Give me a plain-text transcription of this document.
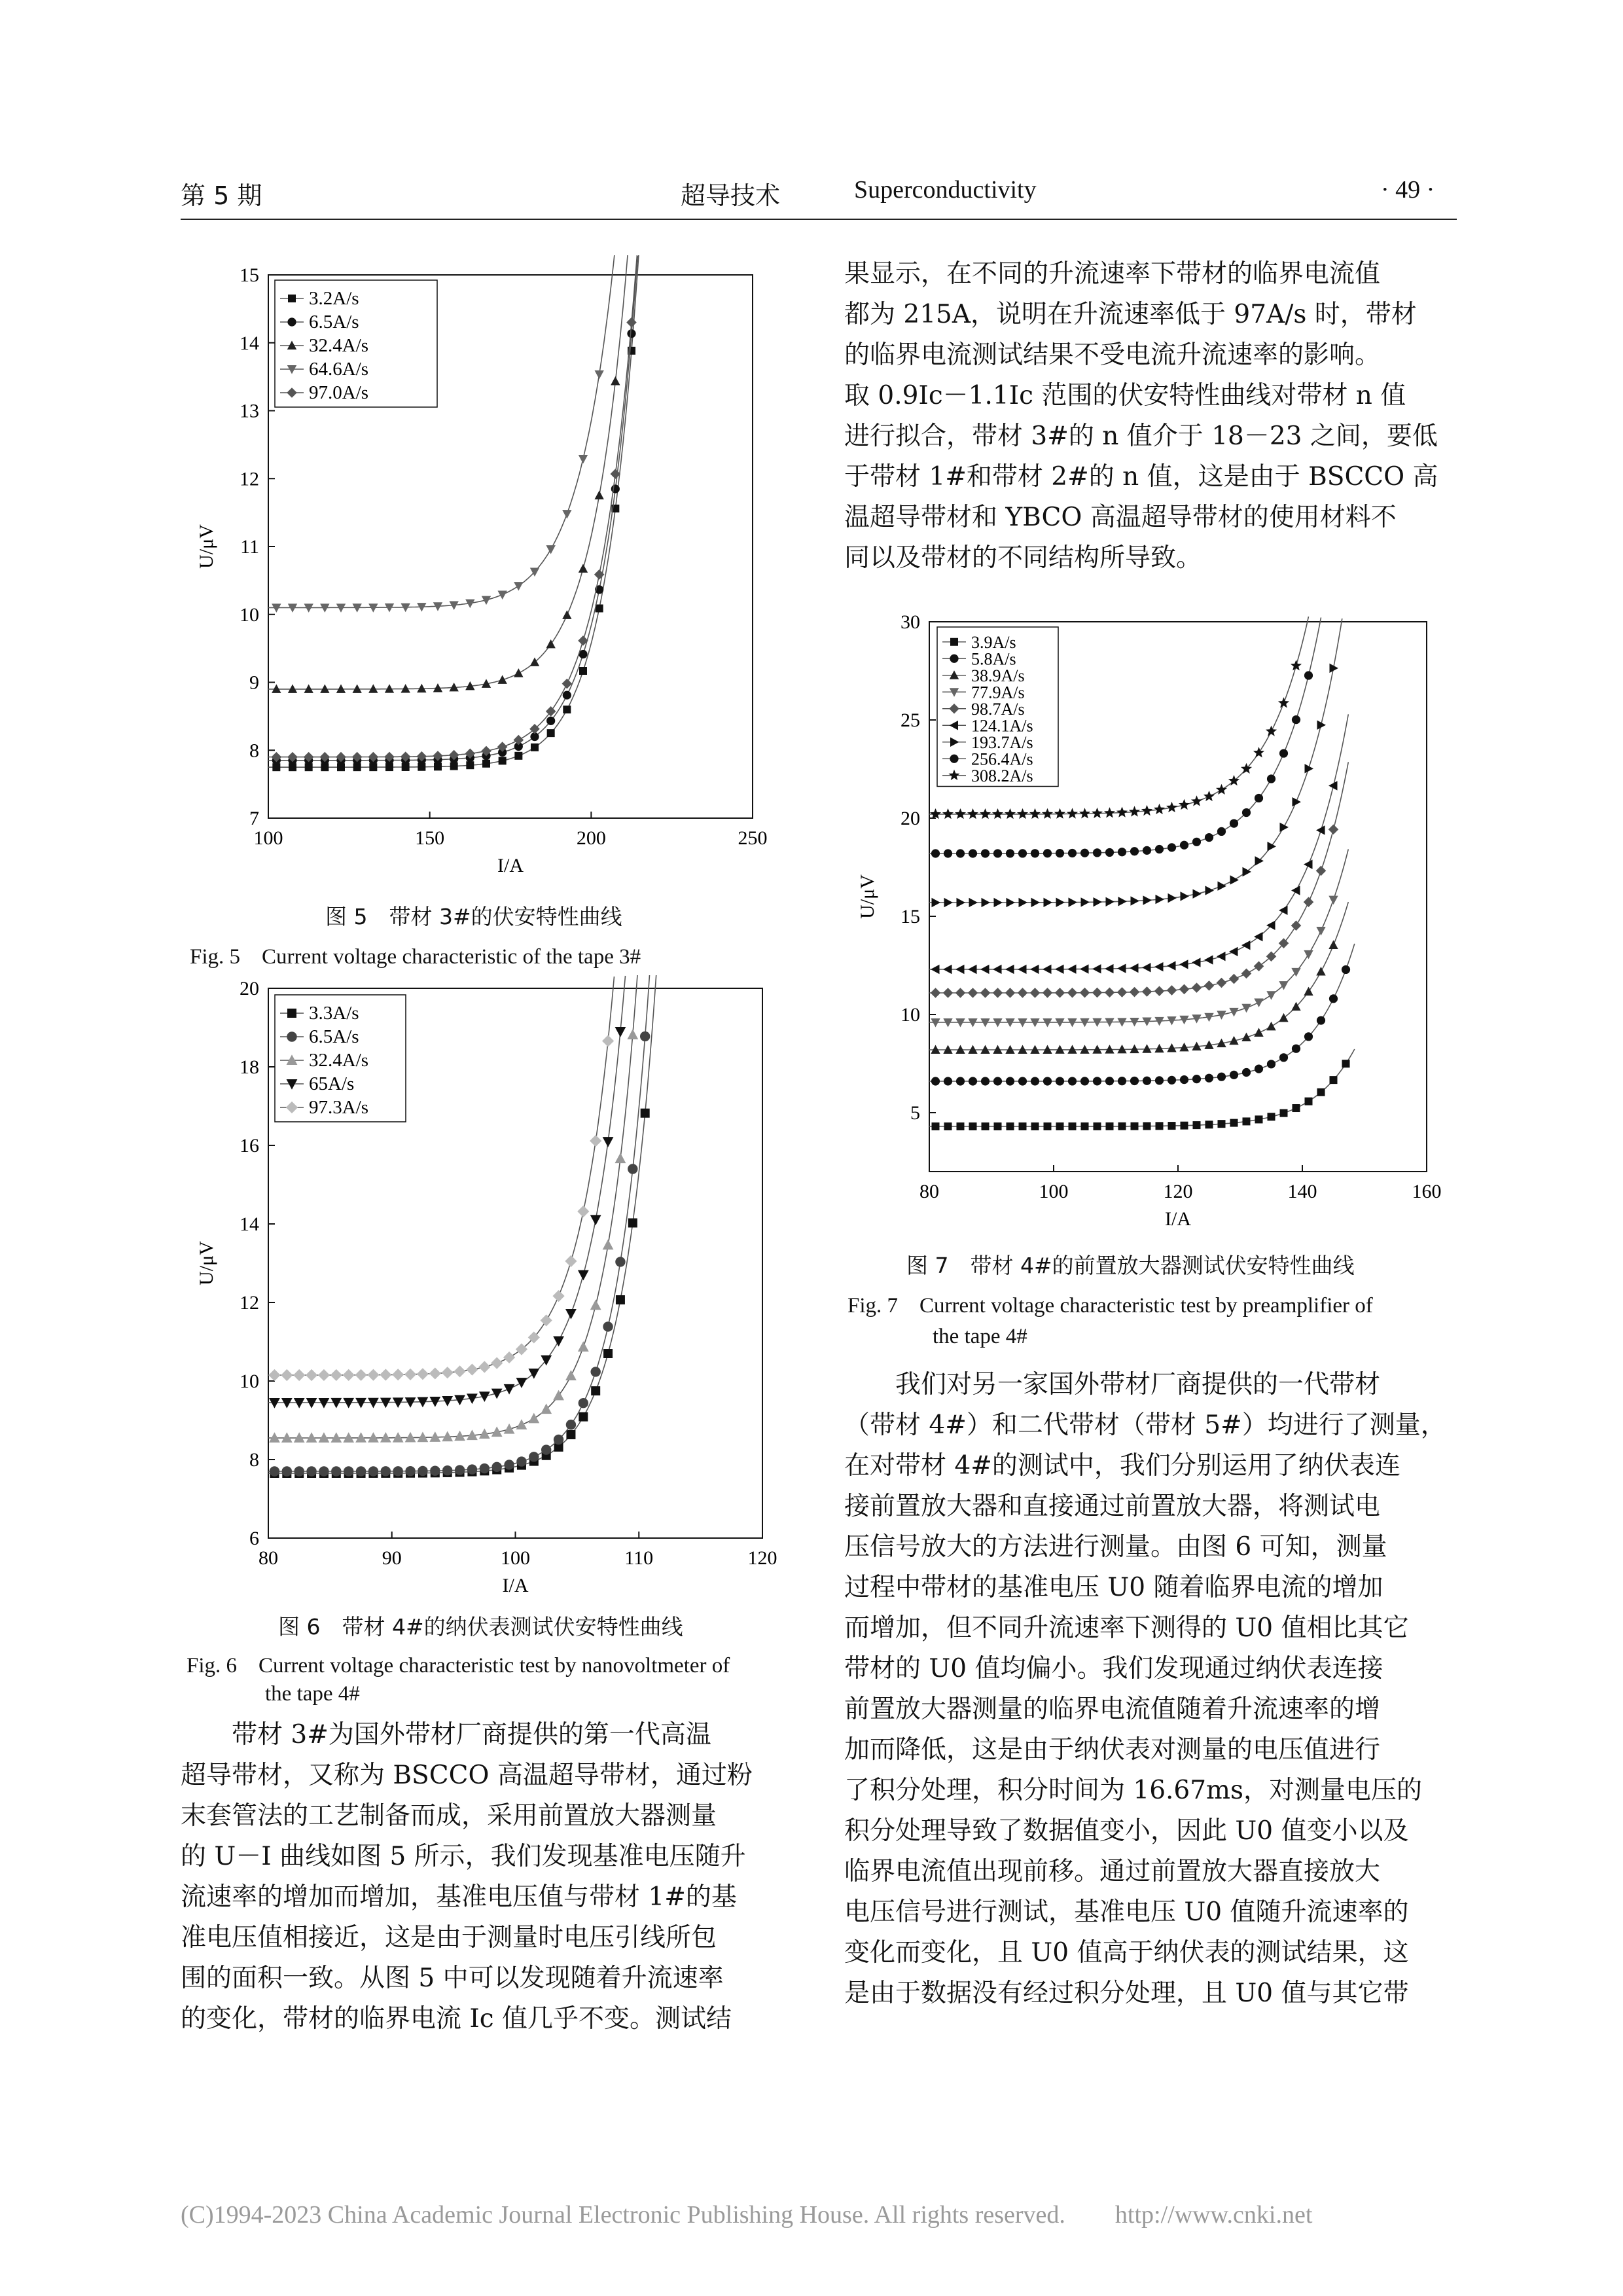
第 5 期	超导技术	Superconductivity	· 49 ·
100	150	200	250
7
8
9
10
11
12
13
14
15
I/A
U/μV
3.2A/s
6.5A/s
32.4A/s
64.6A/s
97.0A/s
图 5　带材 3#的伏安特性曲线
Fig. 5　Current voltage characteristic of the tape 3#
80	90	100	110	120
6
8
10
12
14
16
18
20
I/A
U/μV
3.3A/s
6.5A/s
32.4A/s
65A/s
97.3A/s
图 6　带材 4#的纳伏表测试伏安特性曲线
Fig. 6　Current voltage characteristic test by nanovoltmeter of
the tape 4#
带材 3#为国外带材厂商提供的第一代高温
超导带材，又称为 BSCCO 高温超导带材，通过粉
末套管法的工艺制备而成，采用前置放大器测量
的 U－I 曲线如图 5 所示，我们发现基准电压随升
流速率的增加而增加，基准电压值与带材 1#的基
准电压值相接近，这是由于测量时电压引线所包
围的面积一致。从图 5 中可以发现随着升流速率
的变化，带材的临界电流 Ic 值几乎不变。测试结
果显示，在不同的升流速率下带材的临界电流值
都为 215A，说明在升流速率低于 97A/s 时，带材
的临界电流测试结果不受电流升流速率的影响。
取 0.9Ic－1.1Ic 范围的伏安特性曲线对带材 n 值
进行拟合，带材 3#的 n 值介于 18－23 之间，要低
于带材 1#和带材 2#的 n 值，这是由于 BSCCO 高
温超导带材和 YBCO 高温超导带材的使用材料不
同以及带材的不同结构所导致。
80	100	120	140	160
5
10
15
20
25
30
I/A
U/μV
3.9A/s
5.8A/s
38.9A/s
77.9A/s
98.7A/s
124.1A/s
193.7A/s
256.4A/s
308.2A/s
图 7　带材 4#的前置放大器测试伏安特性曲线
Fig. 7　Current voltage characteristic test by preamplifier of
the tape 4#
我们对另一家国外带材厂商提供的一代带材
（带材 4#）和二代带材（带材 5#）均进行了测量，
在对带材 4#的测试中，我们分别运用了纳伏表连
接前置放大器和直接通过前置放大器，将测试电
压信号放大的方法进行测量。由图 6 可知，测量
过程中带材的基准电压 U0 随着临界电流的增加
而增加，但不同升流速率下测得的 U0 值相比其它
带材的 U0 值均偏小。我们发现通过纳伏表连接
前置放大器测量的临界电流值随着升流速率的增
加而降低，这是由于纳伏表对测量的电压值进行
了积分处理，积分时间为 16.67ms，对测量电压的
积分处理导致了数据值变小，因此 U0 值变小以及
临界电流值出现前移。通过前置放大器直接放大
电压信号进行测试，基准电压 U0 值随升流速率的
变化而变化，且 U0 值高于纳伏表的测试结果，这
是由于数据没有经过积分处理，且 U0 值与其它带
(C)1994-2023 China Academic Journal Electronic Publishing House. All rights reserved.　　http://www.cnki.net
